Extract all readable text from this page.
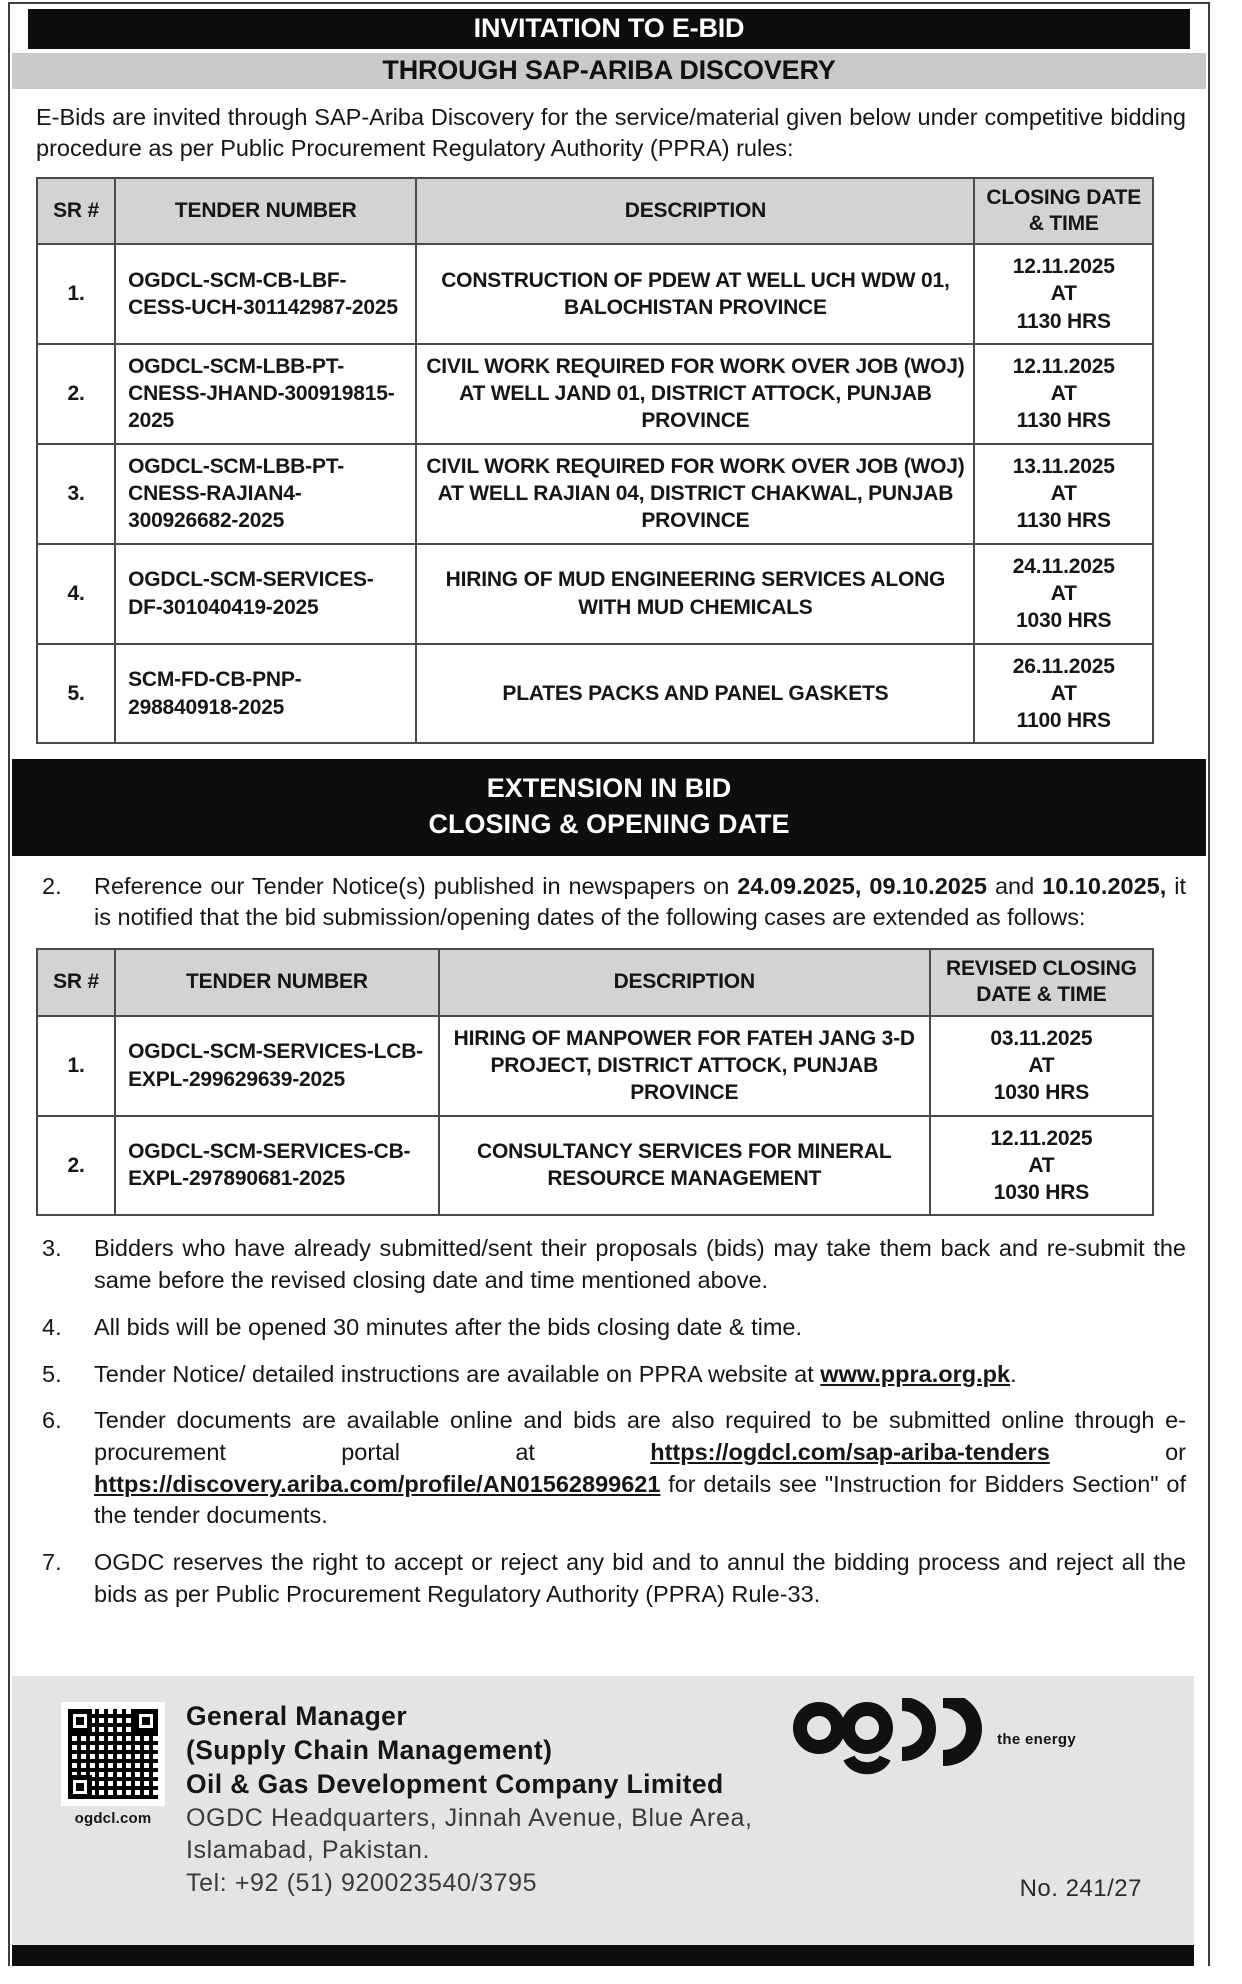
INVITATION TO E-BID
THROUGH SAP-ARIBA DISCOVERY

E-Bids are invited through SAP-Ariba Discovery for the service/material given below under competitive bidding procedure as per Public Procurement Regulatory Authority (PPRA) rules:

SR #	TENDER NUMBER	DESCRIPTION	CLOSING DATE & TIME
1.	OGDCL-SCM-CB-LBF-CESS-UCH-301142987-2025	CONSTRUCTION OF PDEW AT WELL UCH WDW 01, BALOCHISTAN PROVINCE	12.11.2025
AT
1130 HRS

2.	OGDCL-SCM-LBB-PT-CNESS-JHAND-300919815-2025	CIVIL WORK REQUIRED FOR WORK OVER JOB (WOJ) AT WELL JAND 01, DISTRICT ATTOCK, PUNJAB PROVINCE	12.11.2025
AT
1130 HRS

3.	OGDCL-SCM-LBB-PT-CNESS-RAJIAN4-300926682-2025	CIVIL WORK REQUIRED FOR WORK OVER JOB (WOJ) AT WELL RAJIAN 04, DISTRICT CHAKWAL, PUNJAB PROVINCE	13.11.2025
AT
1130 HRS

4.	OGDCL-SCM-SERVICES-DF-301040419-2025	HIRING OF MUD ENGINEERING SERVICES ALONG WITH MUD CHEMICALS	24.11.2025
AT
1030 HRS

5.	SCM-FD-CB-PNP-298840918-2025	PLATES PACKS AND PANEL GASKETS	26.11.2025
AT
1100 HRS
EXTENSION IN BID
CLOSING & OPENING DATE
2.	Reference our Tender Notice(s) published in newspapers on 24.09.2025, 09.10.2025 and 10.10.2025, it is notified that the bid submission/opening dates of the following cases are extended as follows:
SR #	TENDER NUMBER	DESCRIPTION	REVISED CLOSING DATE & TIME
1.	OGDCL-SCM-SERVICES-LCB-EXPL-299629639-2025	HIRING OF MANPOWER FOR FATEH JANG 3-D PROJECT, DISTRICT ATTOCK, PUNJAB PROVINCE	03.11.2025
AT
1030 HRS

2.	OGDCL-SCM-SERVICES-CB-EXPL-297890681-2025	CONSULTANCY SERVICES FOR MINERAL RESOURCE MANAGEMENT	12.11.2025
AT
1030 HRS
3.	Bidders who have already submitted/sent their proposals (bids) may take them back and re-submit the same before the revised closing date and time mentioned above.
4.	All bids will be opened 30 minutes after the bids closing date & time.
5.	Tender Notice/ detailed instructions are available on PPRA website at www.ppra.org.pk.
6.	Tender documents are available online and bids are also required to be submitted online through e-procurement portal at https://ogdcl.com/sap-ariba-tenders or https://discovery.ariba.com/profile/AN01562899621 for details see "Instruction for Bidders Section" of the tender documents.
7.	OGDC reserves the right to accept or reject any bid and to annul the bidding process and reject all the bids as per Public Procurement Regulatory Authority (PPRA) Rule-33.
ogdcl.com
General Manager
(Supply Chain Management)
Oil & Gas Development Company Limited
OGDC Headquarters, Jinnah Avenue, Blue Area,
Islamabad, Pakistan.
Tel: +92 (51) 920023540/3795
the energy
No. 241/27
